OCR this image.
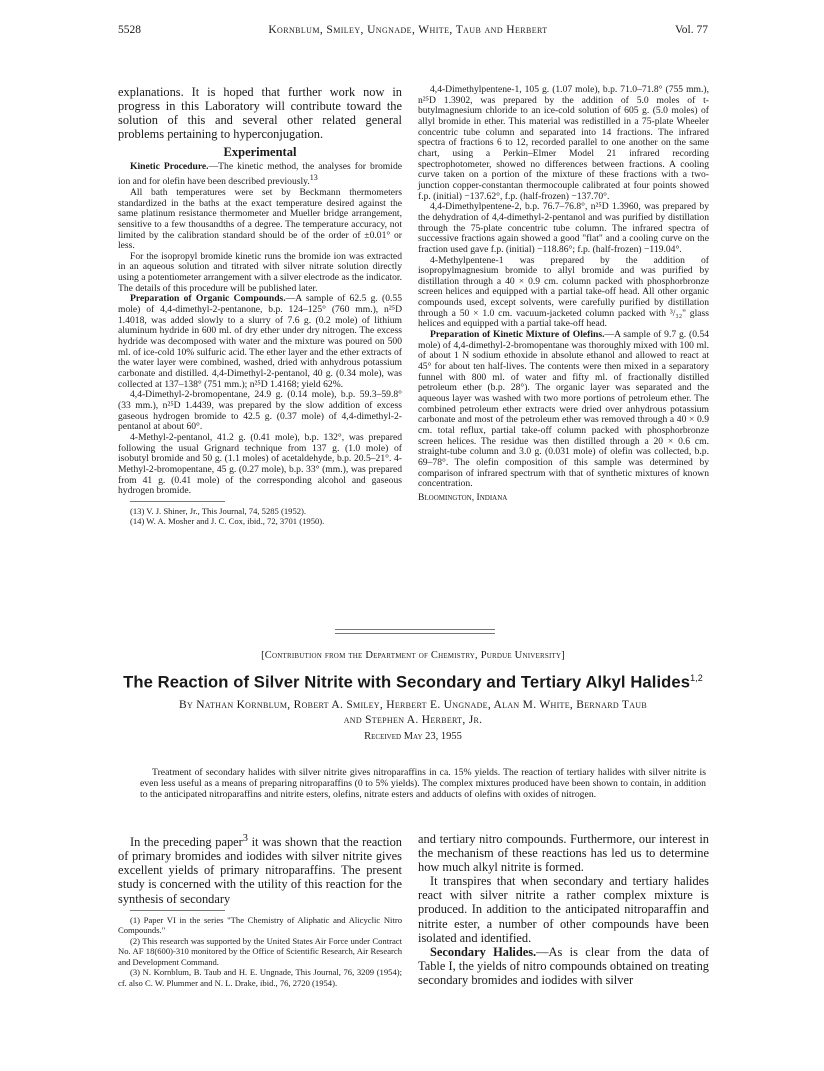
5528	Kornblum, Smiley, Ungnade, White, Taub and Herbert	Vol. 77

explanations. It is hoped that further work now in progress in this Laboratory will contribute toward the solution of this and several other related general problems pertaining to hyperconjugation.

Experimental

Kinetic Procedure.—The kinetic method, the analyses for bromide ion and for olefin have been described previously.$^{13}$

All bath temperatures were set by Beckmann thermometers standardized in the baths at the exact temperature desired against the same platinum resistance thermometer and Mueller bridge arrangement, sensitive to a few thousandths of a degree. The temperature accuracy, not limited by the calibration standard should be of the order of ±0.01° or less.

For the isopropyl bromide kinetic runs the bromide ion was extracted in an aqueous solution and titrated with silver nitrate solution directly using a potentiometer arrangement with a silver electrode as the indicator. The details of this procedure will be published later.

Preparation of Organic Compounds.—A sample of 62.5 g. (0.55 mole) of 4,4-dimethyl-2-pentanone, b.p. 124–125° (760 mm.), n²⁵D 1.4018, was added slowly to a slurry of 7.6 g. (0.2 mole) of lithium aluminum hydride in 600 ml. of dry ether under dry nitrogen. The excess hydride was decomposed with water and the mixture was poured on 500 ml. of ice-cold 10% sulfuric acid. The ether layer and the ether extracts of the water layer were combined, washed, dried with anhydrous potassium carbonate and distilled. 4,4-Dimethyl-2-pentanol, 40 g. (0.34 mole), was collected at 137–138° (751 mm.); n²⁵D 1.4168; yield 62%.

4,4-Dimethyl-2-bromopentane, 24.9 g. (0.14 mole), b.p. 59.3–59.8° (33 mm.), n²⁵D 1.4439, was prepared by the slow addition of excess gaseous hydrogen bromide to 42.5 g. (0.37 mole) of 4,4-dimethyl-2-pentanol at about 60°.

4-Methyl-2-pentanol, 41.2 g. (0.41 mole), b.p. 132°, was prepared following the usual Grignard technique from 137 g. (1.0 mole) of isobutyl bromide and 50 g. (1.1 moles) of acetaldehyde, b.p. 20.5–21°. 4-Methyl-2-bromopentane, 45 g. (0.27 mole), b.p. 33° (mm.), was prepared from 41 g. (0.41 mole) of the corresponding alcohol and gaseous hydrogen bromide.

(13) V. J. Shiner, Jr., This Journal, 74, 5285 (1952).

(14) W. A. Mosher and J. C. Cox, ibid., 72, 3701 (1950).

4,4-Dimethylpentene-1, 105 g. (1.07 mole), b.p. 71.0–71.8° (755 mm.), n²⁵D 1.3902, was prepared by the addition of 5.0 moles of t-butylmagnesium chloride to an ice-cold solution of 605 g. (5.0 moles) of allyl bromide in ether. This material was redistilled in a 75-plate Wheeler concentric tube column and separated into 14 fractions. The infrared spectra of fractions 6 to 12, recorded parallel to one another on the same chart, using a Perkin–Elmer Model 21 infrared recording spectrophotometer, showed no differences between fractions. A cooling curve taken on a portion of the mixture of these fractions with a two-junction copper-constantan thermocouple calibrated at four points showed f.p. (initial) −137.62°, f.p. (half-frozen) −137.70°.

4,4-Dimethylpentene-2, b.p. 76.7–76.8°, n²⁵D 1.3960, was prepared by the dehydration of 4,4-dimethyl-2-pentanol and was purified by distillation through the 75-plate concentric tube column. The infrared spectra of successive fractions again showed a good "flat" and a cooling curve on the fraction used gave f.p. (initial) −118.86°; f.p. (half-frozen) −119.04°.

4-Methylpentene-1 was prepared by the addition of isopropylmagnesium bromide to allyl bromide and was purified by distillation through a 40 × 0.9 cm. column packed with phosphorbronze screen helices and equipped with a partial take-off head. All other organic compounds used, except solvents, were carefully purified by distillation through a 50 × 1.0 cm. vacuum-jacketed column packed with ³/₃₂" glass helices and equipped with a partial take-off head.

Preparation of Kinetic Mixture of Olefins.—A sample of 9.7 g. (0.54 mole) of 4,4-dimethyl-2-bromopentane was thoroughly mixed with 100 ml. of about 1 N sodium ethoxide in absolute ethanol and allowed to react at 45° for about ten half-lives. The contents were then mixed in a separatory funnel with 800 ml. of water and fifty ml. of fractionally distilled petroleum ether (b.p. 28°). The organic layer was separated and the aqueous layer was washed with two more portions of petroleum ether. The combined petroleum ether extracts were dried over anhydrous potassium carbonate and most of the petroleum ether was removed through a 40 × 0.9 cm. total reflux, partial take-off column packed with phosphorbronze screen helices. The residue was then distilled through a 20 × 0.6 cm. straight-tube column and 3.0 g. (0.031 mole) of olefin was collected, b.p. 69–78°. The olefin composition of this sample was determined by comparison of infrared spectrum with that of synthetic mixtures of known concentration.

Bloomington, Indiana

[Contribution from the Department of Chemistry, Purdue University]
The Reaction of Silver Nitrite with Secondary and Tertiary Alkyl Halides$^{1,2}$
By Nathan Kornblum, Robert A. Smiley, Herbert E. Ungnade, Alan M. White, Bernard Taub
and Stephen A. Herbert, Jr.
Received May 23, 1955
Treatment of secondary halides with silver nitrite gives nitroparaffins in ca. 15% yields. The reaction of tertiary halides with silver nitrite is even less useful as a means of preparing nitroparaffins (0 to 5% yields). The complex mixtures produced have been shown to contain, in addition to the anticipated nitroparaffins and nitrite esters, olefins, nitrate esters and adducts of olefins with oxides of nitrogen.

In the preceding paper$^3$ it was shown that the reaction of primary bromides and iodides with silver nitrite gives excellent yields of primary nitroparaffins. The present study is concerned with the utility of this reaction for the synthesis of secondary

(1) Paper VI in the series "The Chemistry of Aliphatic and Alicyclic Nitro Compounds."

(2) This research was supported by the United States Air Force under Contract No. AF 18(600)-310 monitored by the Office of Scientific Research, Air Research and Development Command.

(3) N. Kornblum, B. Taub and H. E. Ungnade, This Journal, 76, 3209 (1954); cf. also C. W. Plummer and N. L. Drake, ibid., 76, 2720 (1954).

and tertiary nitro compounds. Furthermore, our interest in the mechanism of these reactions has led us to determine how much alkyl nitrite is formed.

It transpires that when secondary and tertiary halides react with silver nitrite a rather complex mixture is produced. In addition to the anticipated nitroparaffin and nitrite ester, a number of other compounds have been isolated and identified.

Secondary Halides.—As is clear from the data of Table I, the yields of nitro compounds obtained on treating secondary bromides and iodides with silver
